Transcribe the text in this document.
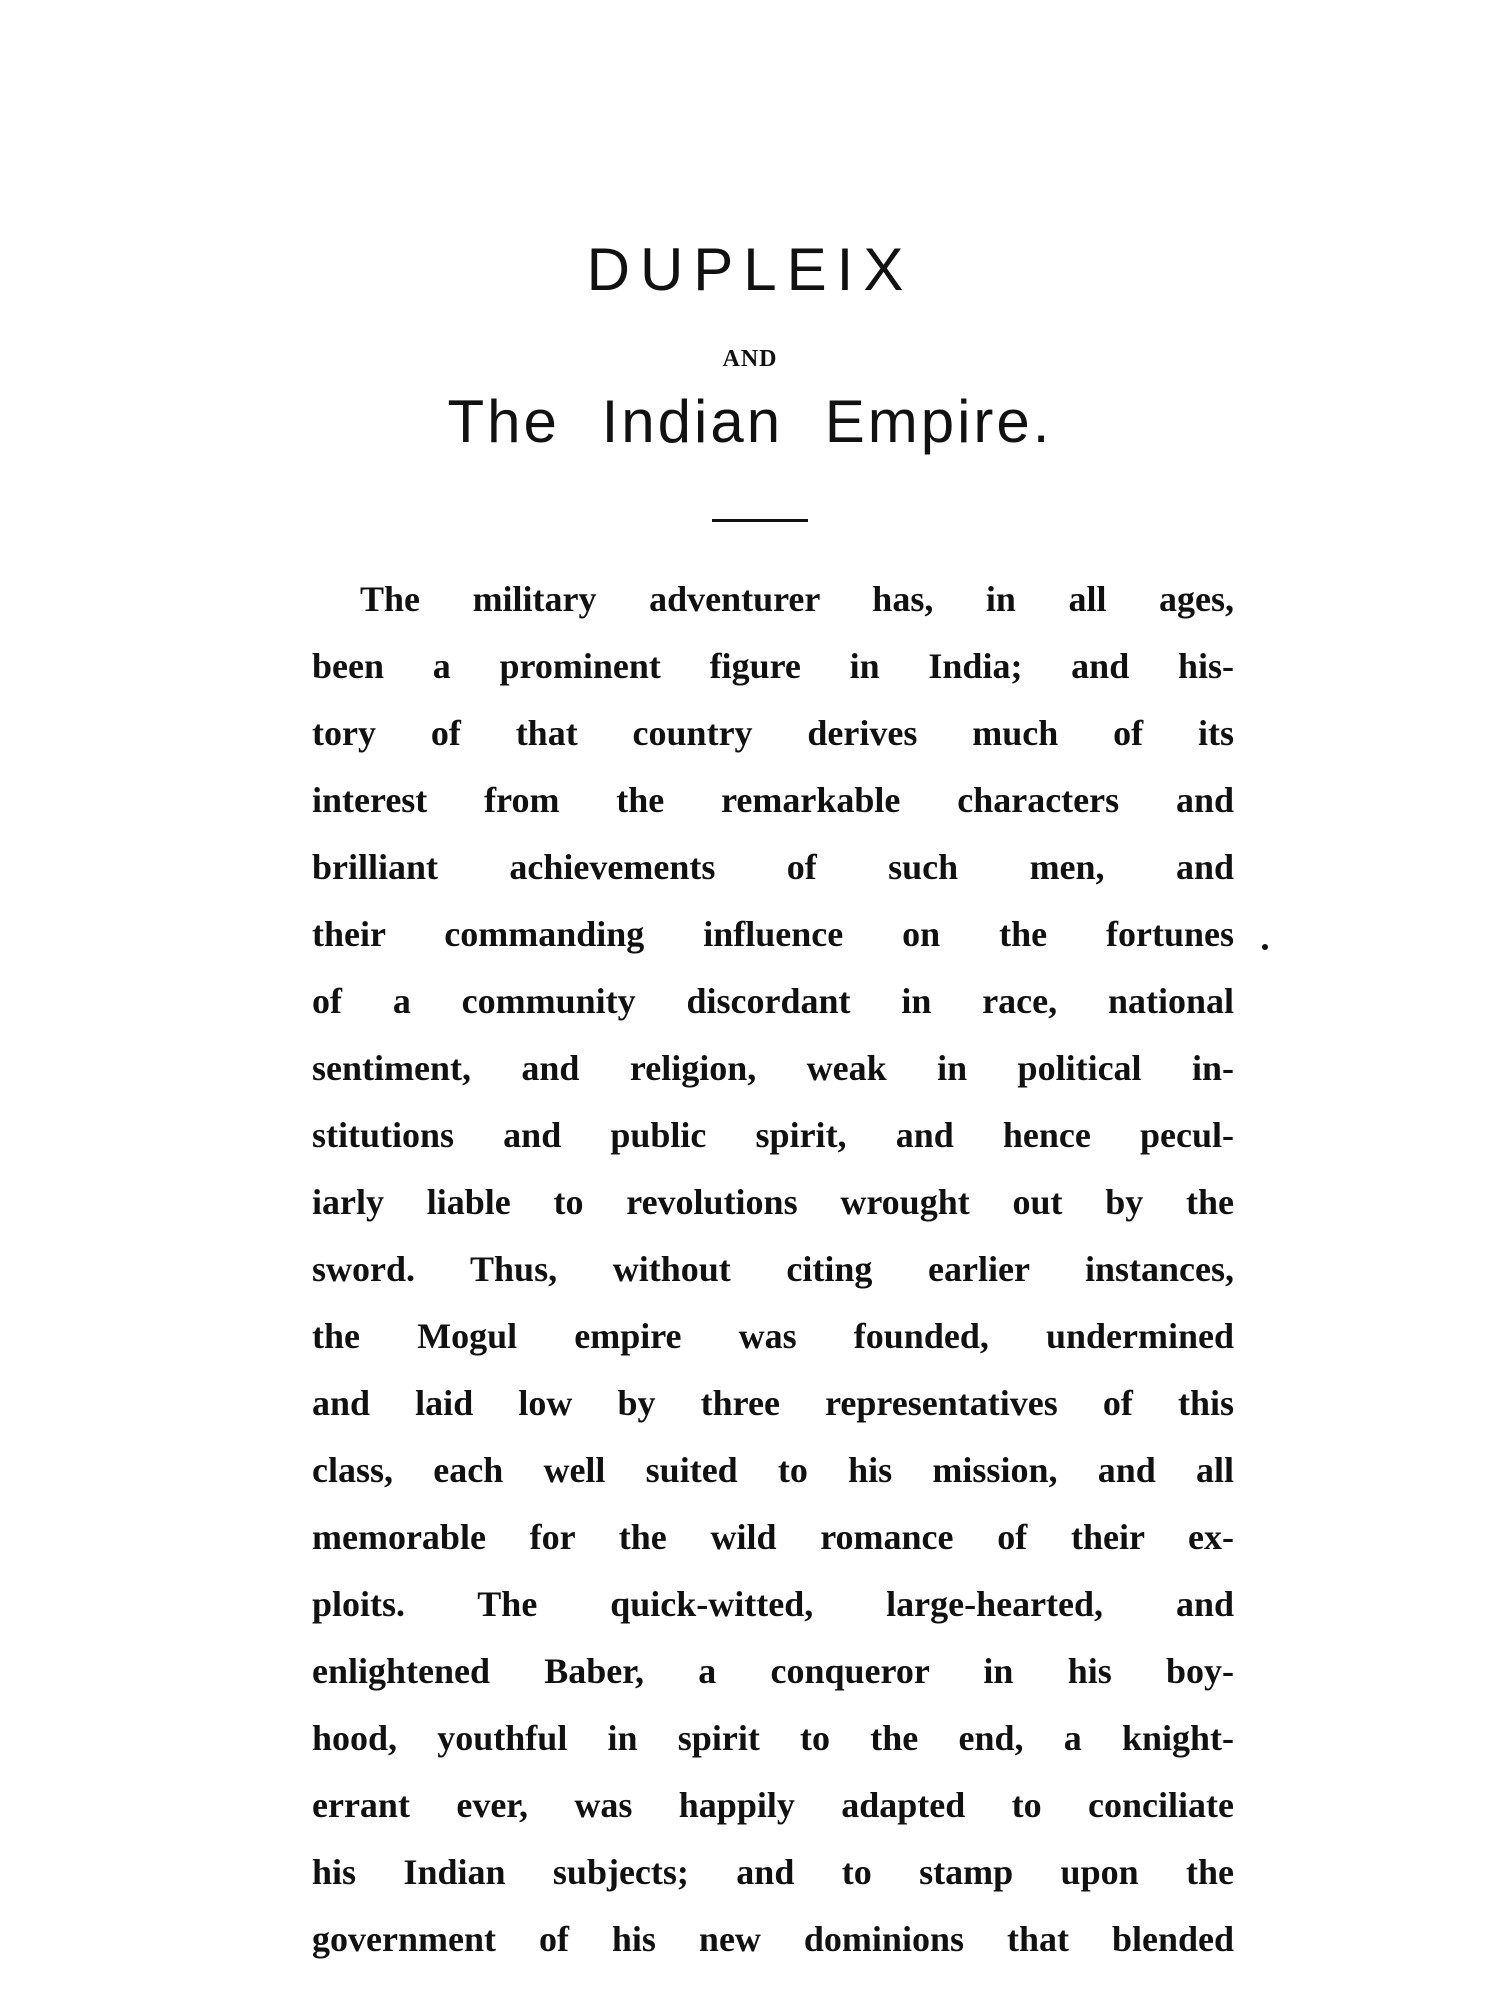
DUPLEIX
AND
The Indian Empire.
The military adventurer has, in all ages,
been a prominent figure in India; and his-
tory of that country derives much of its
interest from the remarkable characters and
brilliant achievements of such men, and
their commanding influence on the fortunes
of a community discordant in race, national
sentiment, and religion, weak in political in-
stitutions and public spirit, and hence pecul-
iarly liable to revolutions wrought out by the
sword. Thus, without citing earlier instances,
the Mogul empire was founded, undermined
and laid low by three representatives of this
class, each well suited to his mission, and all
memorable for the wild romance of their ex-
ploits. The quick-witted, large-hearted, and
enlightened Baber, a conqueror in his boy-
hood, youthful in spirit to the end, a knight-
errant ever, was happily adapted to conciliate
his Indian subjects; and to stamp upon the
government of his new dominions that blended
